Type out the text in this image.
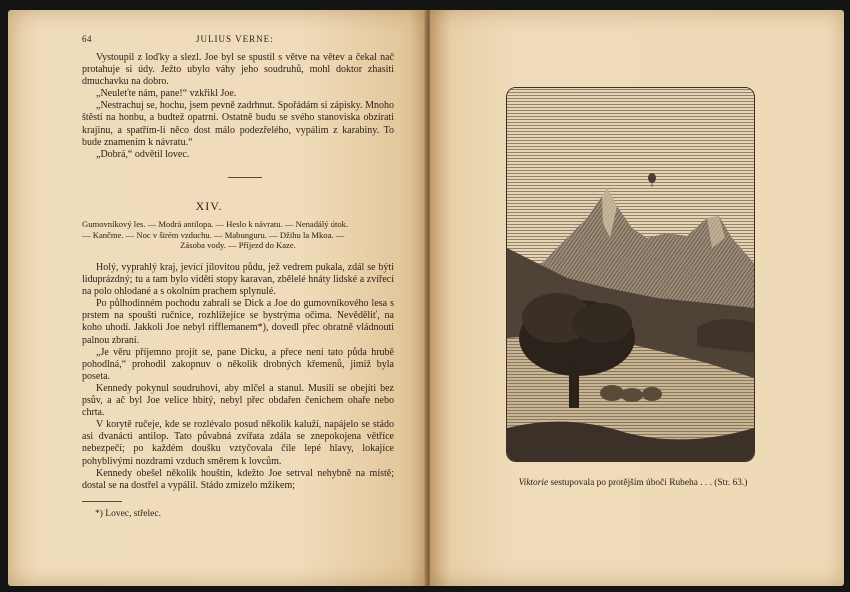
64	JULIUS VERNE:

Vystoupil z loďky a slezl. Joe byl se spustil s větve na větev a čekal nač protahuje si údy. Ježto ubylo váhy jeho soudruhů, mohl doktor zhasiti dmuchavku na dobro.

„Neuleťte nám, pane!“ vzkřikl Joe.

„Nestrachuj se, hochu, jsem pevně zadrhnut. Spořádám si zápisky. Mnoho štěstí na honbu, a budtež opatrni. Ostatně budu se svého stanoviska obzírati krajinu, a spatřím-li něco dost málo podezřelého, vypálím z karabiny. To bude znamením k návratu.“

„Dobrá,“ odvětil lovec.

XIV.
Gumovníkový les. — Modrá antilopa. — Heslo k návratu. — Nenadálý útok.
— Kančme. — Noc v širém vzduchu. — Mabunguru. — Džihu la Mkoa. —
Zásoba vody. — Příjezd do Kaze.

Holý, vyprahlý kraj, jevící jílovitou půdu, jež vedrem pukala, zdál se býti liduprázdný; tu a tam bylo viděti stopy karavan, zbělelé hnáty lidské a zvířecí na polo ohlodané a s okolním prachem splynulé.

Po půlhodinném pochodu zabrali se Dick a Joe do gumovníkového lesa s prstem na spoušti ručnice, rozhlížejíce se bystrýma očima. Nevěděliť, na koho uhodí. Jakkoli Joe nebyl rifflemanem*), dovedl přec obratně vládnouti palnou zbraní.

„Je věru příjemno projít se, pane Dicku, a přece není tato půda hrubě pohodlná,“ prohodil zakopnuv o několik drobných křemenů, jimiž byla poseta.

Kennedy pokynul soudruhovi, aby mlčel a stanul. Musili se obejíti bez psův, a ač byl Joe velice hbitý, nebyl přec obdařen čenichem ohaře nebo chrta.

V korytě ručeje, kde se rozlévalo posud několik kaluží, napájelo se stádo asi dvanácti antilop. Tato půvabná zvířata zdála se znepokojena větříce nebezpečí; po každém doušku vztyčovala čile lepé hlavy, lokajíce pohyblivými nozdrami vzduch směrem k lovcům.

Kennedy obešel několik houštin, kdežto Joe setrval nehybně na místě; dostal se na dostřel a vypálil. Stádo zmizelo mžikem;

*) Lovec, střelec.
Viktorie sestupovala po protějším úbočí Rubeha . . . (Str. 63.)
